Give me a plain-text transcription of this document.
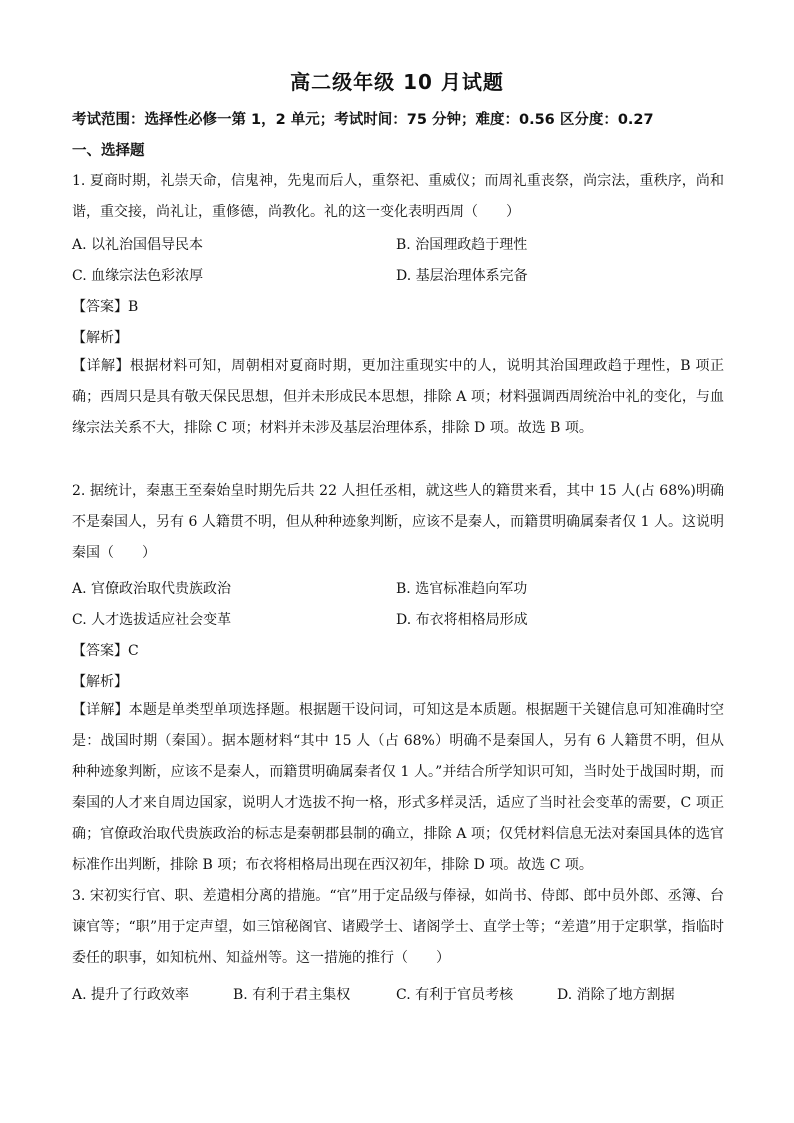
高二级年级 10 月试题
考试范围：选择性必修一第 1，2 单元；考试时间：75 分钟；难度：0.56 区分度：0.27
一、选择题
1. 夏商时期，礼崇天命，信鬼神，先鬼而后人，重祭祀、重威仪；而周礼重丧祭，尚宗法，重秩序，尚和谐，重交接，尚礼让，重修德，尚教化。礼的这一变化表明西周（　　）
A. 以礼治国倡导民本	B. 治国理政趋于理性
C. 血缘宗法色彩浓厚	D. 基层治理体系完备
【答案】B
【解析】
【详解】根据材料可知，周朝相对夏商时期，更加注重现实中的人，说明其治国理政趋于理性，B 项正确；西周只是具有敬天保民思想，但并未形成民本思想，排除 A 项；材料强调西周统治中礼的变化，与血缘宗法关系不大，排除 C 项；材料并未涉及基层治理体系，排除 D 项。故选 B 项。
2. 据统计，秦惠王至秦始皇时期先后共 22 人担任丞相，就这些人的籍贯来看，其中 15 人(占 68%)明确不是秦国人，另有 6 人籍贯不明，但从种种迹象判断，应该不是秦人，而籍贯明确属秦者仅 1 人。这说明秦国（　　）
A. 官僚政治取代贵族政治	B. 选官标准趋向军功
C. 人才选拔适应社会变革	D. 布衣将相格局形成
【答案】C
【解析】
【详解】本题是单类型单项选择题。根据题干设问词，可知这是本质题。根据题干关键信息可知准确时空是：战国时期（秦国）。据本题材料“其中 15 人（占 68%）明确不是秦国人，另有 6 人籍贯不明，但从种种迹象判断，应该不是秦人，而籍贯明确属秦者仅 1 人。”并结合所学知识可知，当时处于战国时期，而秦国的人才来自周边国家，说明人才选拔不拘一格，形式多样灵活，适应了当时社会变革的需要，C 项正确；官僚政治取代贵族政治的标志是秦朝郡县制的确立，排除 A 项；仅凭材料信息无法对秦国具体的选官标准作出判断，排除 B 项；布衣将相格局出现在西汉初年，排除 D 项。故选 C 项。
3. 宋初实行官、职、差遣相分离的措施。“官”用于定品级与俸禄，如尚书、侍郎、郎中员外郎、丞簿、台谏官等；“职”用于定声望，如三馆秘阁官、诸殿学士、诸阁学士、直学士等；“差遣”用于定职掌，指临时委任的职事，如知杭州、知益州等。这一措施的推行（　　）
A. 提升了行政效率	B. 有利于君主集权	C. 有利于官员考核	D. 消除了地方割据
